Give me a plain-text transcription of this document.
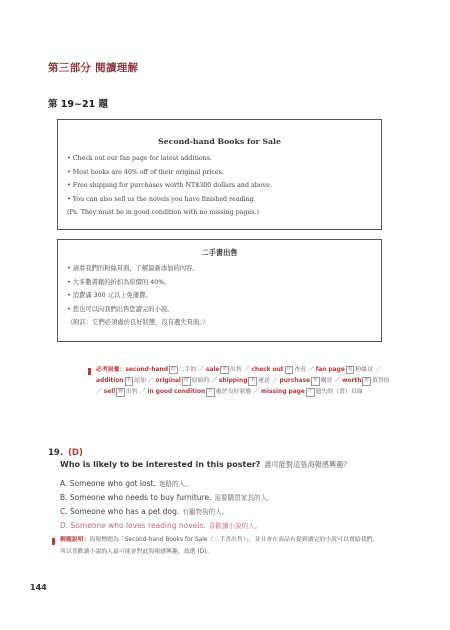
第三部分 閱讀理解
第 19~21 題
Second-hand Books for Sale
• Check out our fan page for latest additions.
• Most books are 40% off of their original prices.
• Free shipping for purchases worth NT$300 dollars and above.
• You can also sell us the novels you have finished reading.
(Ps. They must be in good condition with no missing pages.)
二手書出售
• 請看我們的粉絲頁面，了解最新添加的內容。
• 大多數書籍的折扣為原價的 40%。
• 消費滿 300 元以上免運費。
• 您也可以向我們出售您讀完的小說。
（附註：它們必須處於良好狀態，沒有遺失頁面。）
必考詞彙：second-hand 形 二手的 ／ sale 名 出售 ／ check out 片 查看 ／ fan page 名 粉絲頁 ／ addition 名 添加 ／ original 形 原始的 ／ shipping 名 運送 ／ purchase 名 購買 ／ worth 形 值得的 ／ sell 動 出售 ／ in good condition 片 處於良好狀態 ／ missing page 片 遺失的（書）頁面
19. (D)
Who is likely to be interested in this poster? 誰可能對這張海報感興趣？
A. Someone who got lost. 迷路的人。
B. Someone who needs to buy furniture. 需要購買家具的人。
C. Someone who has a pet dog. 有寵物狗的人。
D. Someone who loves reading novels. 喜歡讀小說的人。
解題說明：海報標題為「Second-hand Books for Sale（二手書出售）」，並且會在商品有提到讀完的小說可以賣給我們，所以喜歡讀小說的人最可能會對此海報感興趣，故選 (D)。
144
